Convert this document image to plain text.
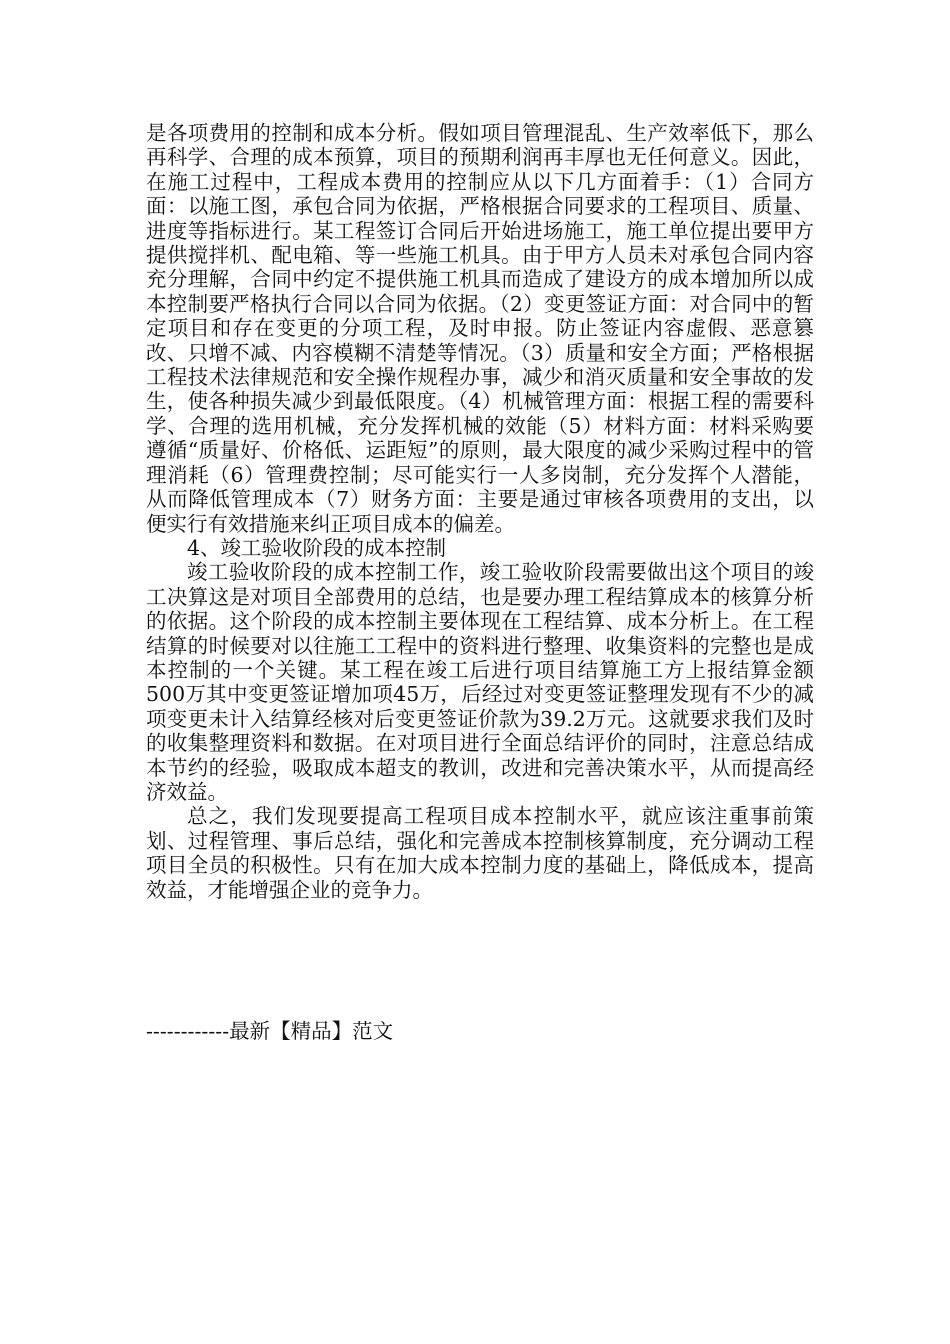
是各项费用的控制和成本分析。假如项目管理混乱、生产效率低下，那么再科学、合理的成本预算，项目的预期利润再丰厚也无任何意义。因此，在施工过程中，工程成本费用的控制应从以下几方面着手：（1）合同方面：以施工图，承包合同为依据，严格根据合同要求的工程项目、质量、进度等指标进行。某工程签订合同后开始进场施工，施工单位提出要甲方提供搅拌机、配电箱、等一些施工机具。由于甲方人员未对承包合同内容充分理解，合同中约定不提供施工机具而造成了建设方的成本增加所以成本控制要严格执行合同以合同为依据。（2）变更签证方面：对合同中的暂定项目和存在变更的分项工程，及时申报。防止签证内容虚假、恶意篡改、只增不减、内容模糊不清楚等情况。（3）质量和安全方面；严格根据工程技术法律规范和安全操作规程办事，减少和消灭质量和安全事故的发生，使各种损失减少到最低限度。（4）机械管理方面：根据工程的需要科学、合理的选用机械，充分发挥机械的效能（5）材料方面：材料采购要遵循“质量好、价格低、运距短”的原则，最大限度的减少采购过程中的管理消耗（6）管理费控制；尽可能实行一人多岗制，充分发挥个人潜能，从而降低管理成本（7）财务方面：主要是通过审核各项费用的支出，以便实行有效措施来纠正项目成本的偏差。

4、竣工验收阶段的成本控制

竣工验收阶段的成本控制工作，竣工验收阶段需要做出这个项目的竣工决算这是对项目全部费用的总结，也是要办理工程结算成本的核算分析的依据。这个阶段的成本控制主要体现在工程结算、成本分析上。在工程结算的时候要对以往施工工程中的资料进行整理、收集资料的完整也是成本控制的一个关键。某工程在竣工后进行项目结算施工方上报结算金额500万其中变更签证增加项45万，后经过对变更签证整理发现有不少的减项变更未计入结算经核对后变更签证价款为39.2万元。这就要求我们及时的收集整理资料和数据。在对项目进行全面总结评价的同时，注意总结成本节约的经验，吸取成本超支的教训，改进和完善决策水平，从而提高经济效益。

总之，我们发现要提高工程项目成本控制水平，就应该注重事前策划、过程管理、事后总结，强化和完善成本控制核算制度，充分调动工程项目全员的积极性。只有在加大成本控制力度的基础上，降低成本，提高效益，才能增强企业的竞争力。

------------最新【精品】范文
